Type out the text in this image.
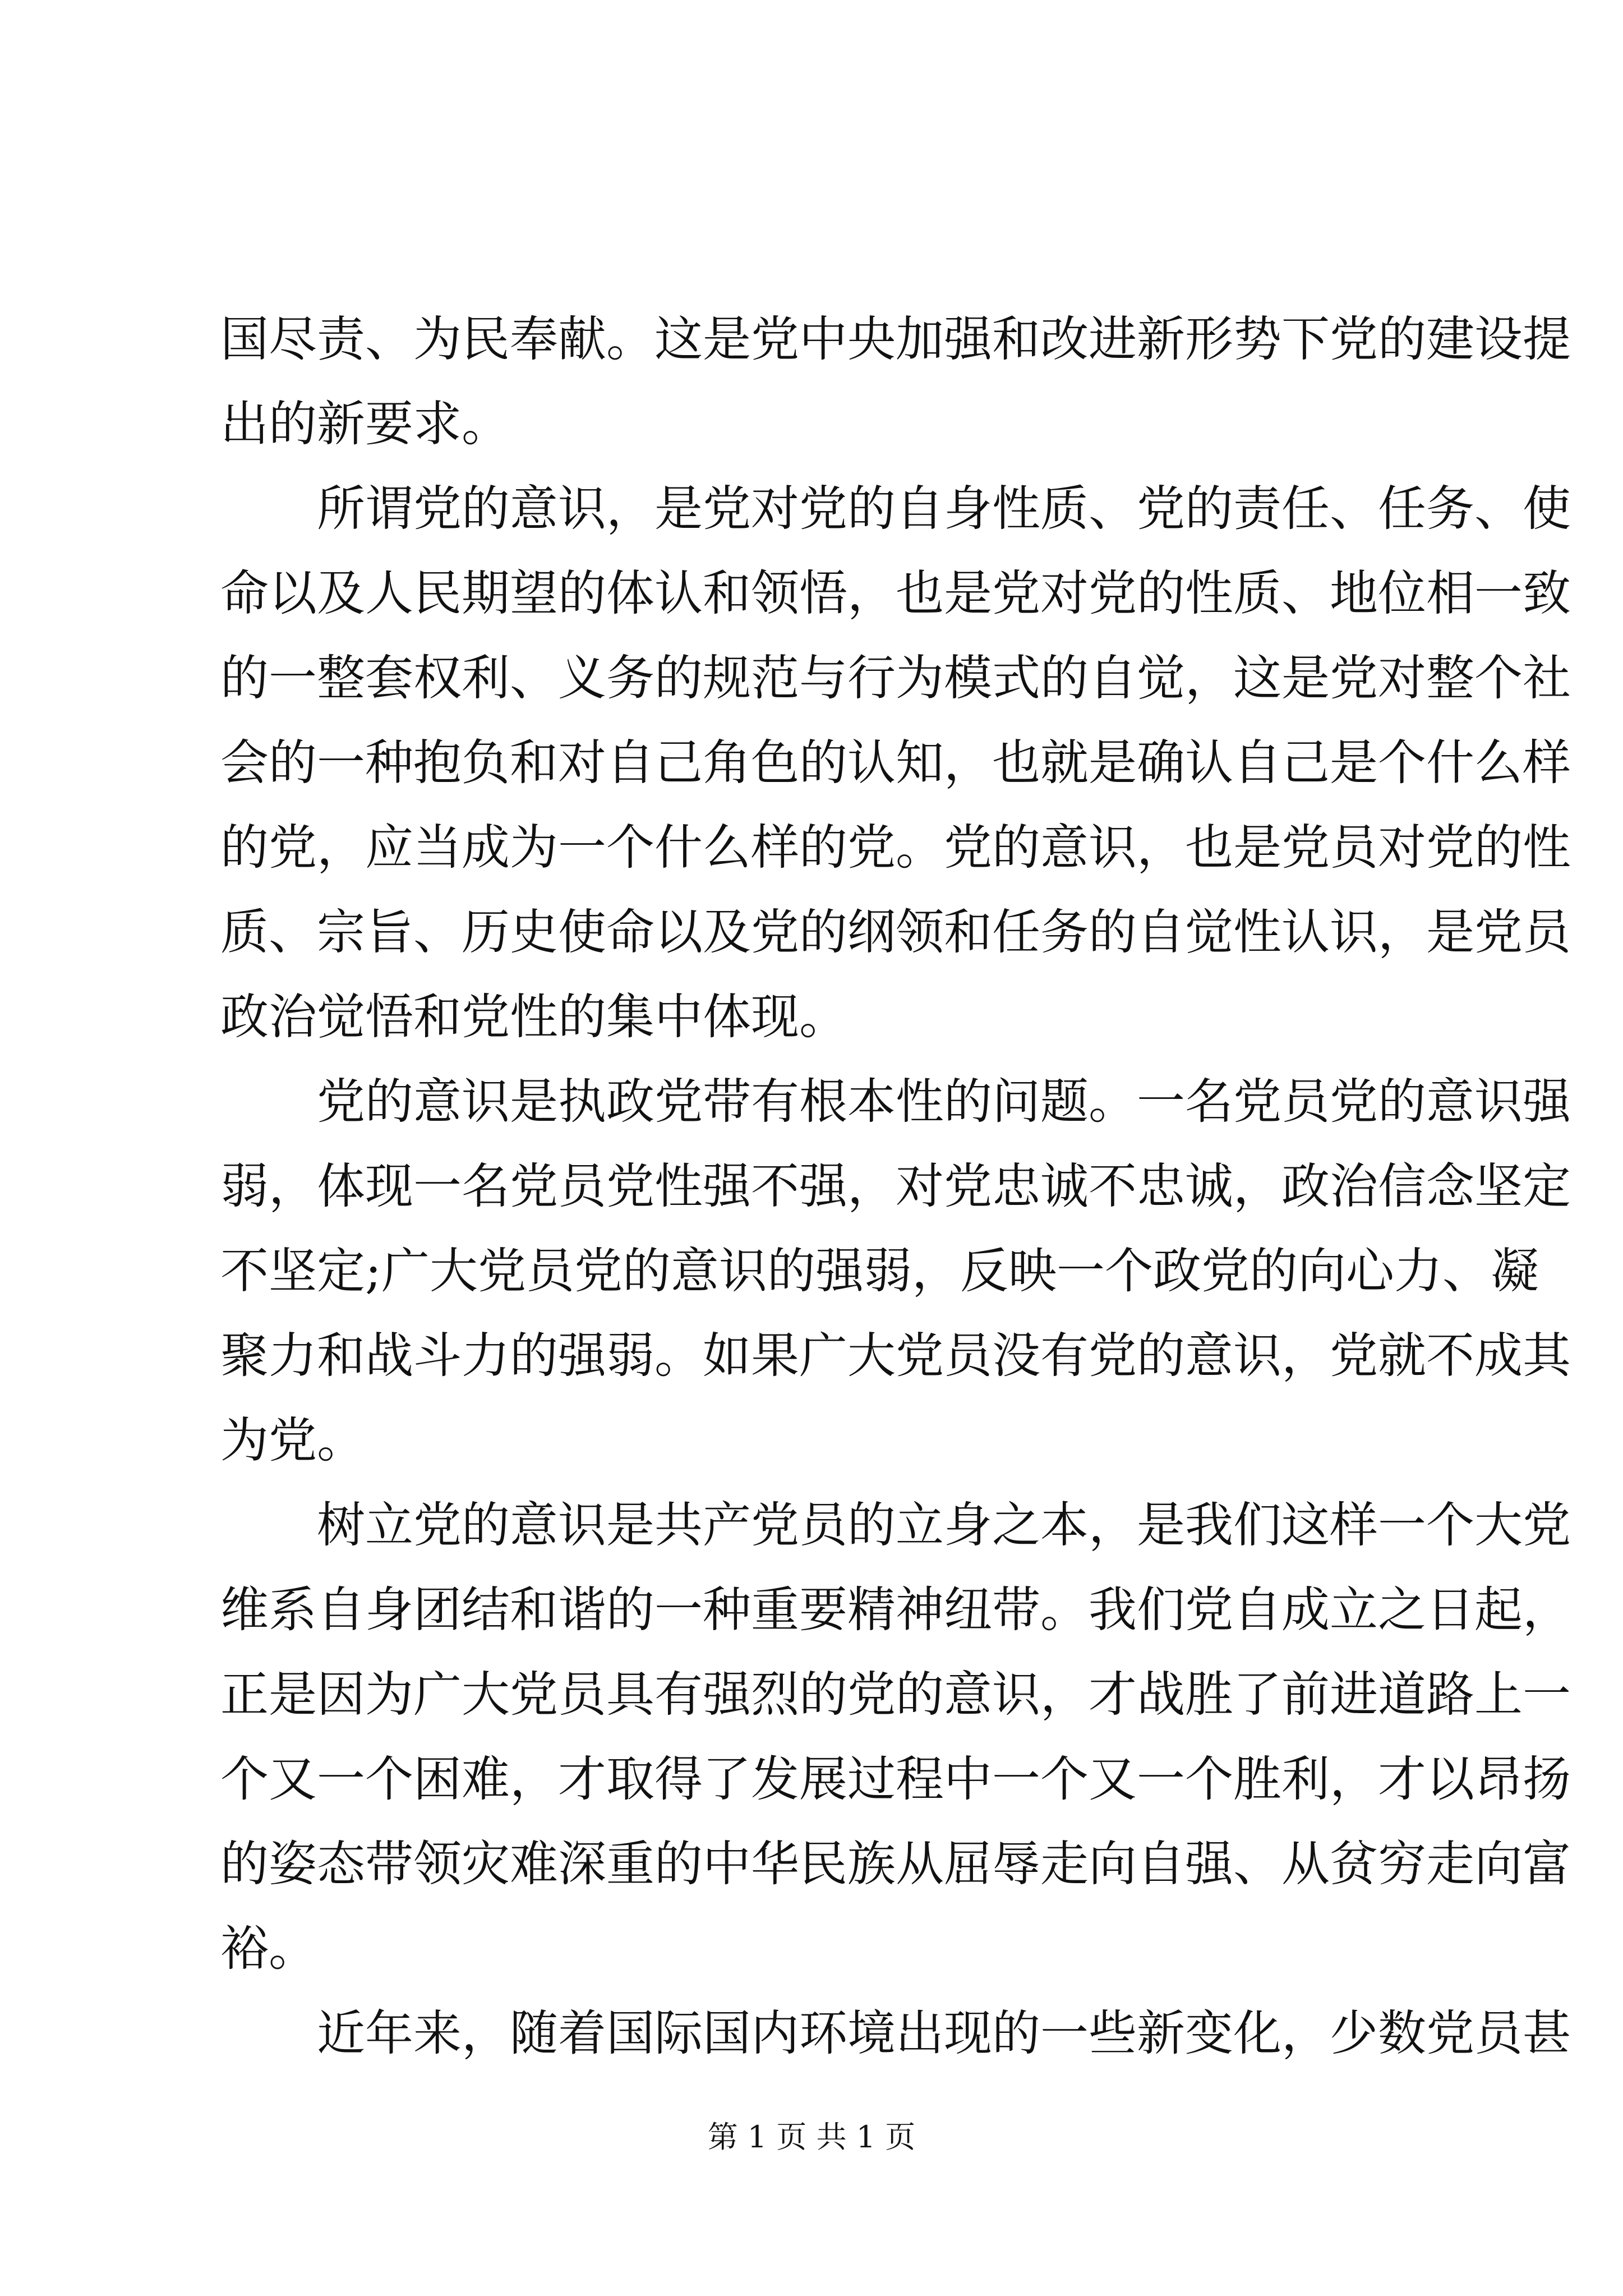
国尽责、为民奉献。这是党中央加强和改进新形势下党的建设提
出的新要求。
所谓党的意识，是党对党的自身性质、党的责任、任务、使
命以及人民期望的体认和领悟，也是党对党的性质、地位相一致
的一整套权利、义务的规范与行为模式的自觉，这是党对整个社
会的一种抱负和对自己角色的认知，也就是确认自己是个什么样
的党，应当成为一个什么样的党。党的意识，也是党员对党的性
质、宗旨、历史使命以及党的纲领和任务的自觉性认识，是党员
政治觉悟和党性的集中体现。
党的意识是执政党带有根本性的问题。一名党员党的意识强
弱，体现一名党员党性强不强，对党忠诚不忠诚，政治信念坚定
不坚定;广大党员党的意识的强弱，反映一个政党的向心力、凝
聚力和战斗力的强弱。如果广大党员没有党的意识，党就不成其
为党。
树立党的意识是共产党员的立身之本，是我们这样一个大党
维系自身团结和谐的一种重要精神纽带。我们党自成立之日起，
正是因为广大党员具有强烈的党的意识，才战胜了前进道路上一
个又一个困难，才取得了发展过程中一个又一个胜利，才以昂扬
的姿态带领灾难深重的中华民族从屈辱走向自强、从贫穷走向富
裕。
近年来，随着国际国内环境出现的一些新变化，少数党员甚
第 1 页 共 1 页
